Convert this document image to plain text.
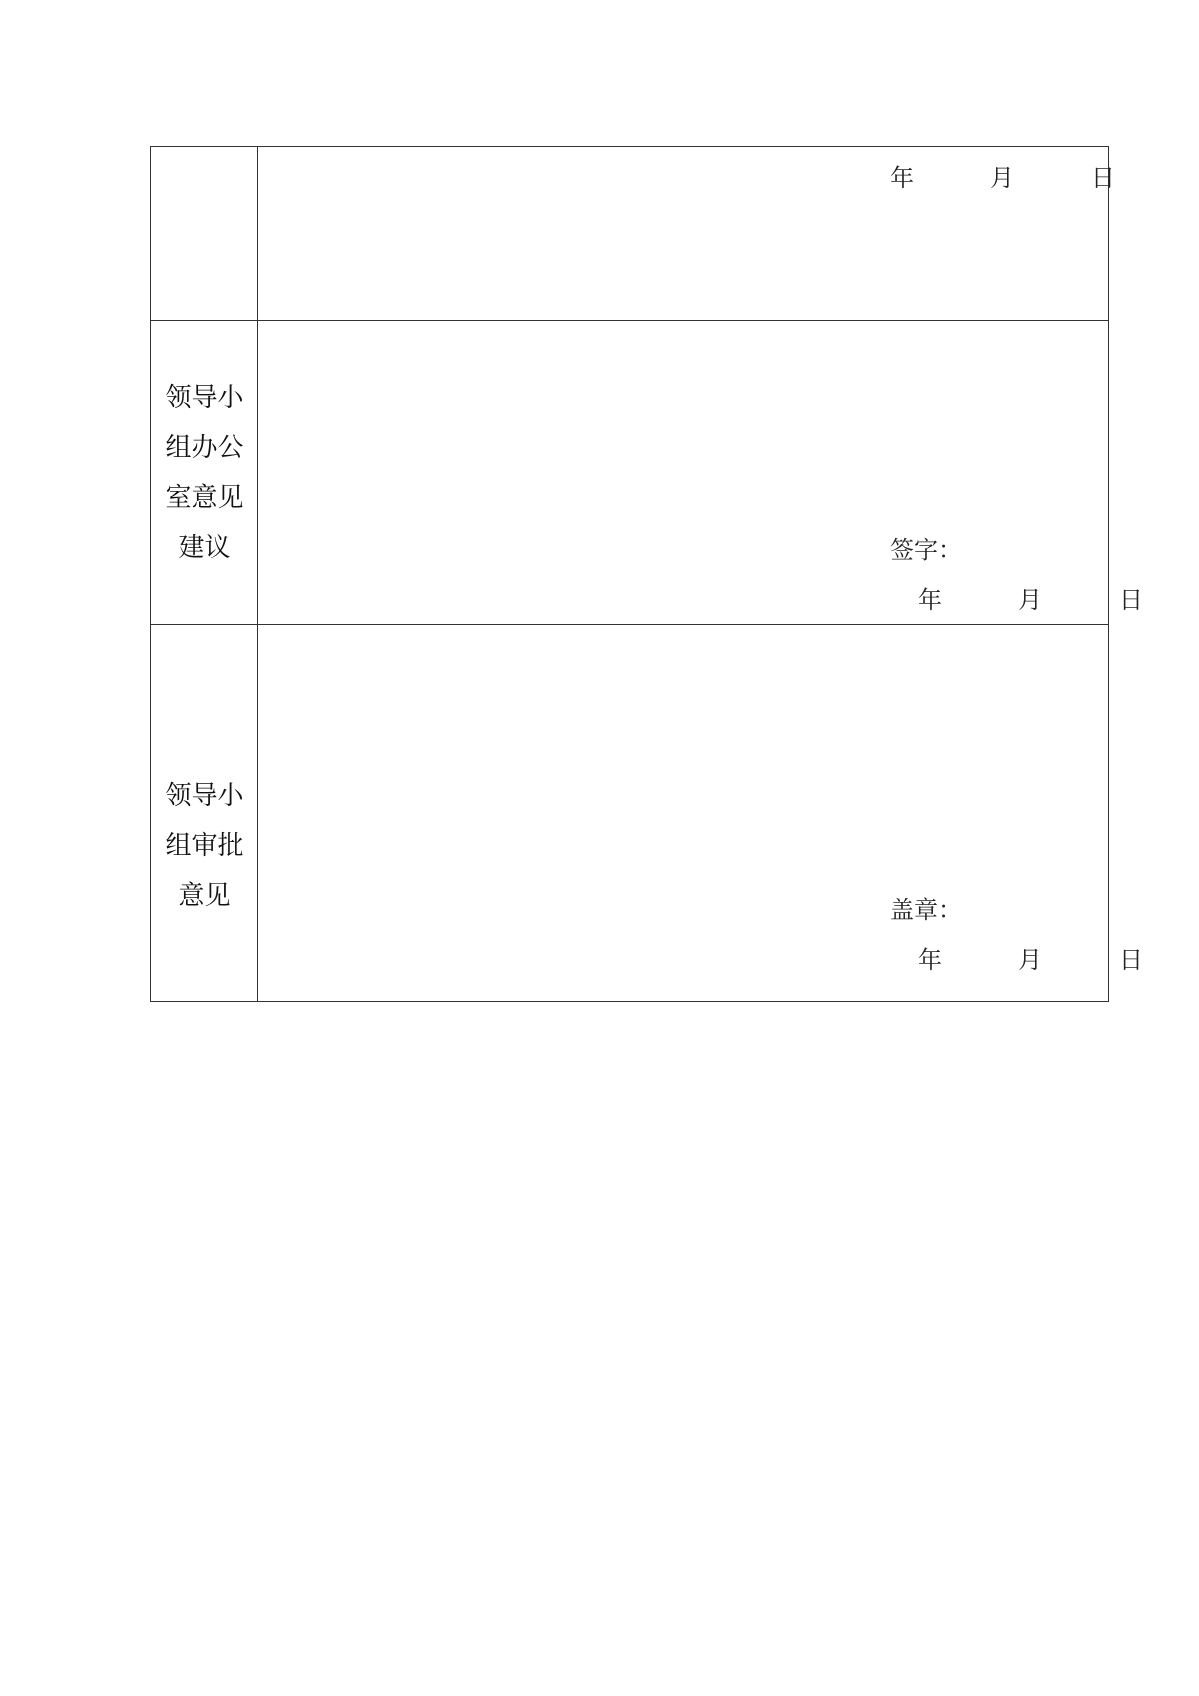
年	月	日
领导小
组办公
室意见
建议	签字：
年	月	日
领导小
组审批
意见	盖章：
年	月	日
